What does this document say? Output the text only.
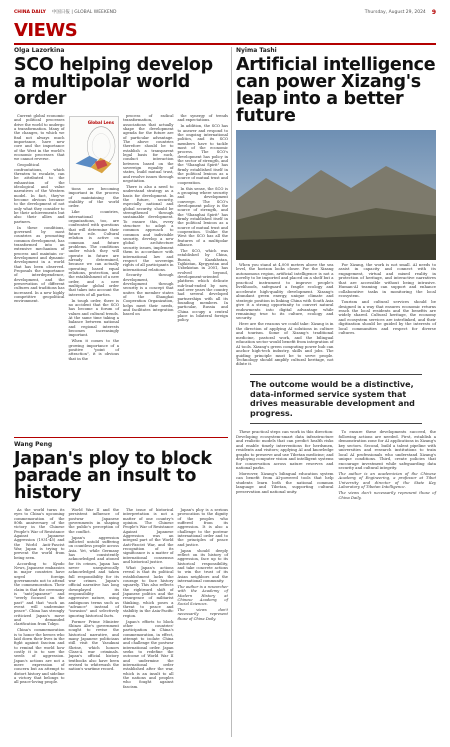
CHINA DAILY 中国日报 | GLOBAL WEEKEND	Thursday, August 29, 2024 9
VIEWS
Olga Lazorkina
SCO helping develop a multipolar world order

Current global economic and political processes drive the world to undergo a transformation. Many of the changes, to which we find not always much importance, have new core and the importance of the West in the world's economic processes that we cannot reverse.

Geopolitical confrontations, which threaten to escalate, can be attributed to the exhaustion of the ideological and value narratives of the Western model. In fact, they've become obvious because to the development of not only what they consider to be their achievements but also their allies and partners.

In these conditions, governed by most countries as promoting common development, has transformed into an extensive mechanism of process and maintain co-development and dynamic development in a world that has been observed. Proposals the importance of interdependence, development, and the preservation of different cultures and traditions has increased. In a new highly competitive geopolitical environment.

Global Lens

tions are becoming important in the process of maintaining the stability of the world order.

Like countries, international organizations, too, are confronted with questions that will determine their future role. Cultural relation is active on common and future problems. The conditions under which they will operate in future are already determined, because we can actually operating based equal relations, protection, and the establishment of a new order, and a new multipolar global order that takes into account the interests of all parties.

In tough order, there is no accident that the SCO has become a forum of values and cultural trends. At the same time taking a balance between national and regional interests becomes increasingly important.

When it comes to the growing importance of a positive "point of attraction", it is obvious that in the

process of radical transformation, associations that actually shape the development agenda for the future are of particular advantage. The above countries therefore should be to establish a transparent legal basis for such, conduct interaction between based on the sovereign equality of states, build mutual trust, and resolve issues through negotiation.

There is also a need to understand strategy as a basis for development. In the future, security, especially national and global security, should be strengthened through sustainable development. To ensure this, every structure to adopt a common approach to common and indivisible security, develop a new global architecture security issues, implement them in accordance with international law and respect the sovereign rights of all participants in international relations.

Security through development, development through security is a concept that unites the member states of the Shanghai Cooperation Organization, helps meet their needs, and facilitates integration based on

the synergy of trends and expectations.

In addition, the SCO has to answer and respond to the ongoing international politics, and its SCO members have to tackle most of the economic process. The SCO's development has policy in the sector of strength, and the "Shanghai Spirit" has firmly established itself in the political lexicon as a source of mutual trust and cooperation.

In this sense, the SCO is a grouping where security and development converge. The SCO's development policy is the source of strength, and the "Shanghai Spirit" has firmly established itself in the political lexicon as a source of mutual trust and cooperation. Unlike the West the SCO has all the features of a multipolar alliance.

The SCO, which was established by China, Russia, Kazakhstan, Tajikistan, Kyrgyzstan and Uzbekistan in 2001, has evolved beyond, development-oriented platform which delicate sub-lead-ended by now, and over years the country had several developed partnerships with all its founding members. In particular, Russia and China occupy a central place in bilateral foreign policy.

Wang Peng
Japan's ploy to block parade an insult to history

As the world turns its eyes to China's upcoming commemoration of the 80th anniversary of the victory in the Chinese People's War of Resistance Against Japanese Aggression (1931-45) and the World Anti-Fascist War, Japan is trying to prevent the world from being seen.

According to Kyodo News, Japanese embassies in major countries have urged foreign governments not to attend the commemoration. Their claim is that the ceremony is "anti-Japanese" and "overly focused on the past" and that "such an event will undermine peace". China has strongly criticized Japan's move and demanded clarification from Tokyo.

China's commemoration is to honor the heroes who laid down their lives in the fight against fascism and to remind the world how costly it is to sow the seeds of aggression. Japan's actions are not a mere expression of concern but an attempt to distort history and sideline a victory that belongs to all peace-loving people.

World War II and the persistent influence of postwar Japanese governments in shaping the public's perception of the conflict.

Japan's aggression inflicted untold suffering on countless people across Asia. Yet, while Germany has consistently acknowledged and atoned for its crimes, Japan has never unequivocally acknowledged and taken full responsibility for its war crimes. Japan's official narrative has long downplayed its responsibility and aggressive nature, using ambiguous terms such as "advance" instead of "invasion" and selectively ignoring historical facts.

Former Prime Minister Shinzo Abe's government sought to revise the historical narrative, and many Japanese politicians still visit the Yasukuni Shrine, which honors Class-A war criminals. Japan's official history textbooks also have been revised to whitewash the nation's wartime record.

The issue of historical interpretation is not a matter of one country's opinion. The Chinese People's War of Resistance Against Japanese Aggression was an integral part of the World Anti-Fascist War, and the recognition of its significance is a matter of international consensus and historical justice.

What Japan's actions reveal is that its political establishment lacks the courage to face history squarely. This also reflects the rightward shift of Japanese politics and the resurgence of militarist thinking, which poses a threat to peace and stability in the Asia-Pacific region.

Japan's efforts to block other countries' participation in China's commemoration, in effect, attempt to isolate China and challenge the postwar international order. Japan seeks to redefine the outcome of World War II and undermine the international order established after the war, which is an insult to all the nations and peoples who fought against fascism.

Japan's ploy is a serious provocation to the dignity of the peoples who suffered from its aggression. It is also a challenge to the postwar international order and to the principles of peace and justice.

Japan should deeply reflect on its history of aggression, face up to its historical responsibility, and take concrete actions to win the trust of its Asian neighbors and the international community.

The author is a researcher with the Academy of Modern History at Chinese Academy of Social Sciences.

The views don't necessarily represent those of China Daily.

Nyima Tashi
Artificial intelligence can power Xizang's leap into a better future

When you stand at 4,000 meters above the sea level, the horizon looks closer. For the Xizang autonomous region, artificial intelligence is not a novelty to be imported and placed on a shelf but a practical instrument to improve people's livelihoods, safeguard a fragile ecology and accelerate high-quality development. Xizang's abundant green energy, unique climate and strategic position in linking China with South Asia give it a strong opportunity to convert natural endowments into digital advantage while remaining true to its culture, ecology and security.

Here are the reasons we could take: Xizang is in the direction of applying AI solutions in culture and tourism. Some of Xizang's traditional medicine, pastoral work, and the bilingual education sector would benefit from integration of AI tools. Xizang's green computing power hub can anchor high-tech industry, skills and jobs. The guiding principle must be to serve people. Technology should amplify cultural heritage, not dilute it.

For Xizang, the work is not small. AI needs to assist in capacity and connect with its engagement, virtual and mixed reality in protection of heritage, and interactive narratives that are accessible without being intrusive. Human-AI teaming can support and enhance collaborative tasks in monitoring the local ecosystem.

Tourism and cultural services should be designed in a way that ensures economic returns reach the local residents and the benefits are widely shared. Cultural heritage, the economy and ecosystem services are interlinked, and their digitization should be guided by the interests of local communities and respect for diverse cultures.

The outcome would be a distinctive, data-informed service system that drives measurable development and progress.

These practical steps can work in this direction: Developing ecosystem-smart data infrastructure and realistic models that can predict health risks and enable timely interventions for herdsmen, residents and visitors; applying AI and knowledge graphs to preserve and use Tibetan medicine; and deploying computer vision and intelligent systems for conservation across nature reserves and national parks.

Moreover, Xizang's bilingual education system can benefit from AI-powered tools that help students learn both the national common language and Tibetan, supporting cultural preservation and national unity.

To ensure these developments succeed, the following actions are needed. First, establish a demonstration zone for AI applications in Xizang's key sectors. Second, build a talent pipeline with universities and research institutions to train local AI professionals who understand Xizang's unique conditions. Third, create policies that encourage investment while safeguarding data security and cultural integrity.

The author is an academician of the Chinese Academy of Engineering, a professor at Tibet University and director of the State Key Laboratory of Tibetan Intelligence.

The views don't necessarily represent those of China Daily.
